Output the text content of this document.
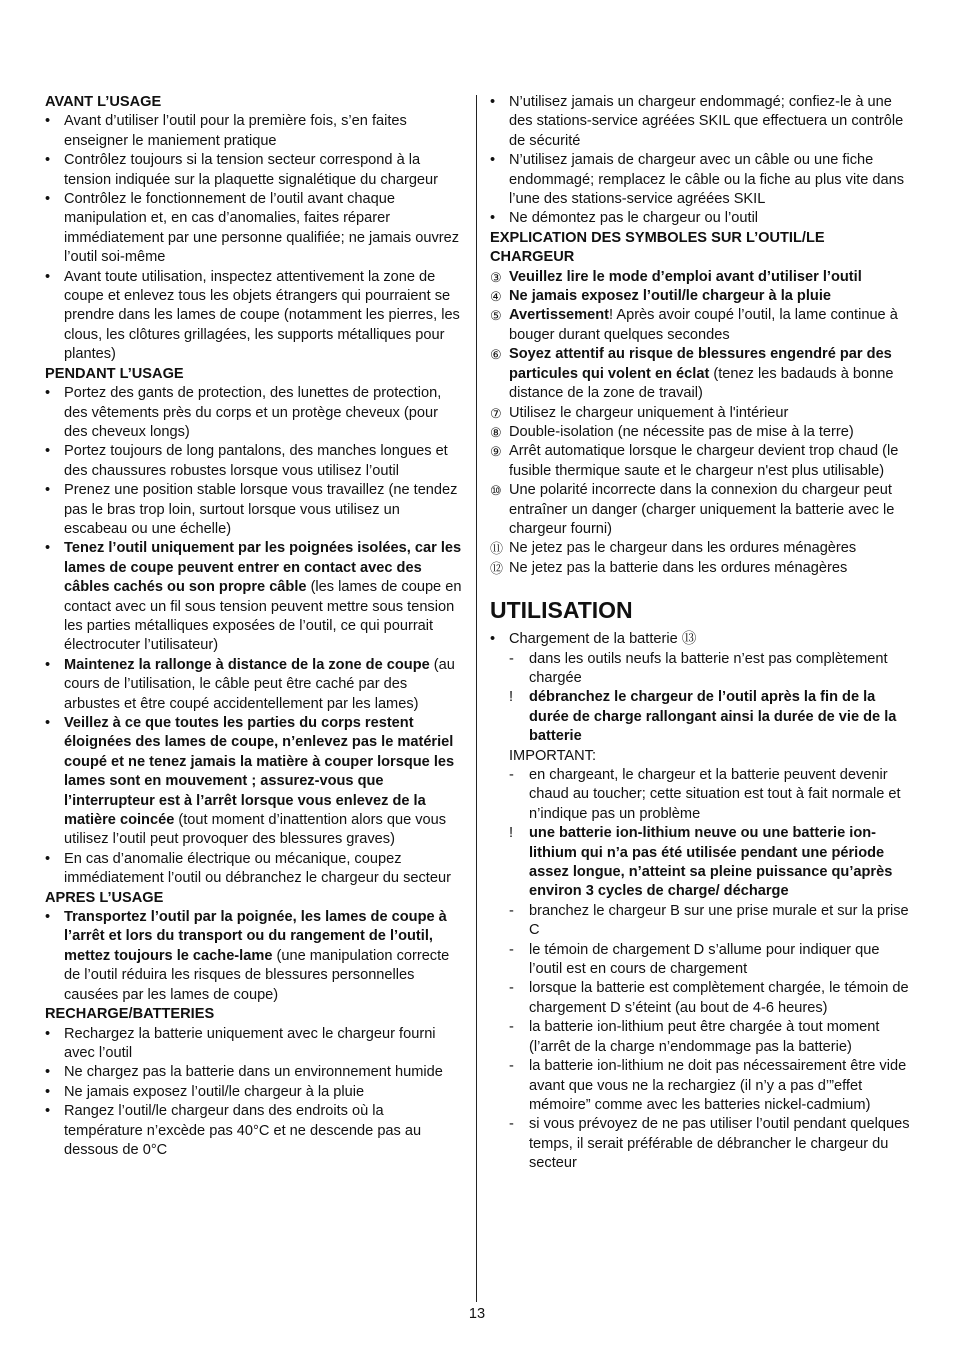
AVANT L’USAGE
• Avant d’utiliser l’outil pour la première fois, s’en faites enseigner le maniement pratique
• Contrôlez toujours si la tension secteur correspond à la tension indiquée sur la plaquette signalétique du chargeur
• Contrôlez le fonctionnement de l’outil avant chaque manipulation et, en cas d’anomalies, faites réparer immédiatement par une personne qualifiée; ne jamais ouvrez l’outil soi-même
• Avant toute utilisation, inspectez attentivement la zone de coupe et enlevez tous les objets étrangers qui pourraient se prendre dans les lames de coupe (notamment les pierres, les clous, les clôtures grillagées, les supports métalliques pour plantes)
PENDANT L’USAGE
• Portez des gants de protection, des lunettes de protection, des vêtements près du corps et un protège cheveux (pour des cheveux longs)
• Portez toujours de long pantalons, des manches longues et des chaussures robustes lorsque vous utilisez l’outil
• Prenez une position stable lorsque vous travaillez (ne tendez pas le bras trop loin, surtout lorsque vous utilisez un escabeau ou une échelle)
• Tenez l’outil uniquement par les poignées isolées, car les lames de coupe peuvent entrer en contact avec des câbles cachés ou son propre câble (les lames de coupe en contact avec un fil sous tension peuvent mettre sous tension les parties métalliques exposées de l’outil, ce qui pourrait électrocuter l’utilisateur)
• Maintenez la rallonge à distance de la zone de coupe (au cours de l’utilisation, le câble peut être caché par des arbustes et être coupé accidentellement par les lames)
• Veillez à ce que toutes les parties du corps restent éloignées des lames de coupe, n’enlevez pas le matériel coupé et ne tenez jamais la matière à couper lorsque les lames sont en mouvement ; assurez-vous que l’interrupteur est à l’arrêt lorsque vous enlevez de la matière coincée (tout moment d’inattention alors que vous utilisez l’outil peut provoquer des blessures graves)
• En cas d’anomalie électrique ou mécanique, coupez immédiatement l’outil ou débranchez le chargeur du secteur
APRES L’USAGE
• Transportez l’outil par la poignée, les lames de coupe à l’arrêt et lors du transport ou du rangement de l’outil, mettez toujours le cache-lame (une manipulation correcte de l’outil réduira les risques de blessures personnelles causées par les lames de coupe)
RECHARGE/BATTERIES
• Rechargez la batterie uniquement avec le chargeur fourni avec l’outil
• Ne chargez pas la batterie dans un environnement humide
• Ne jamais exposez l’outil/le chargeur à la pluie
• Rangez l’outil/le chargeur dans des endroits où la température n’excède pas 40°C et ne descende pas au dessous de 0°C
• N’utilisez jamais un chargeur endommagé; confiez-le à une des stations-service agréées SKIL que effectuera un contrôle de sécurité
• N’utilisez jamais de chargeur avec un câble ou une fiche endommagé; remplacez le câble ou la fiche au plus vite dans l’une des stations-service agréées SKIL
• Ne démontez pas le chargeur ou l’outil
EXPLICATION DES SYMBOLES SUR L’OUTIL/LE CHARGEUR
③ Veuillez lire le mode d’emploi avant d’utiliser l’outil
④ Ne jamais exposez l’outil/le chargeur à la pluie
⑤ Avertissement! Après avoir coupé l’outil, la lame continue à bouger durant quelques secondes
⑥ Soyez attentif au risque de blessures engendré par des particules qui volent en éclat (tenez les badauds à bonne distance de la zone de travail)
⑦ Utilisez le chargeur uniquement à l'intérieur
⑧ Double-isolation (ne nécessite pas de mise à la terre)
⑨ Arrêt automatique lorsque le chargeur devient trop chaud (le fusible thermique saute et le chargeur n'est plus utilisable)
⑩ Une polarité incorrecte dans la connexion du chargeur peut entraîner un danger (charger uniquement la batterie avec le chargeur fourni)
⑪ Ne jetez pas le chargeur dans les ordures ménagères
⑫ Ne jetez pas la batterie dans les ordures ménagères
UTILISATION
• Chargement de la batterie ⑬
- dans les outils neufs la batterie n’est pas complètement chargée
! débranchez le chargeur de l’outil après la fin de la durée de charge rallongant ainsi la durée de vie de la batterie
IMPORTANT:
- en chargeant, le chargeur et la batterie peuvent devenir chaud au toucher; cette situation est tout à fait normale et n’indique pas un problème
! une batterie ion-lithium neuve ou une batterie ion-lithium qui n’a pas été utilisée pendant une période assez longue, n’atteint sa pleine puissance qu’après environ 3 cycles de charge/ décharge
- branchez le chargeur B sur une prise murale et sur la prise C
- le témoin de chargement D s’allume pour indiquer que l’outil est en cours de chargement
- lorsque la batterie est complètement chargée, le témoin de chargement D s’éteint (au bout de 4-6 heures)
- la batterie ion-lithium peut être chargée à tout moment (l’arrêt de la charge n’endommage pas la batterie)
- la batterie ion-lithium ne doit pas nécessairement être vide avant que vous ne la rechargiez (il n’y a pas d’”effet mémoire” comme avec les batteries nickel-cadmium)
- si vous prévoyez de ne pas utiliser l’outil pendant quelques temps, il serait préférable de débrancher le chargeur du secteur
13
